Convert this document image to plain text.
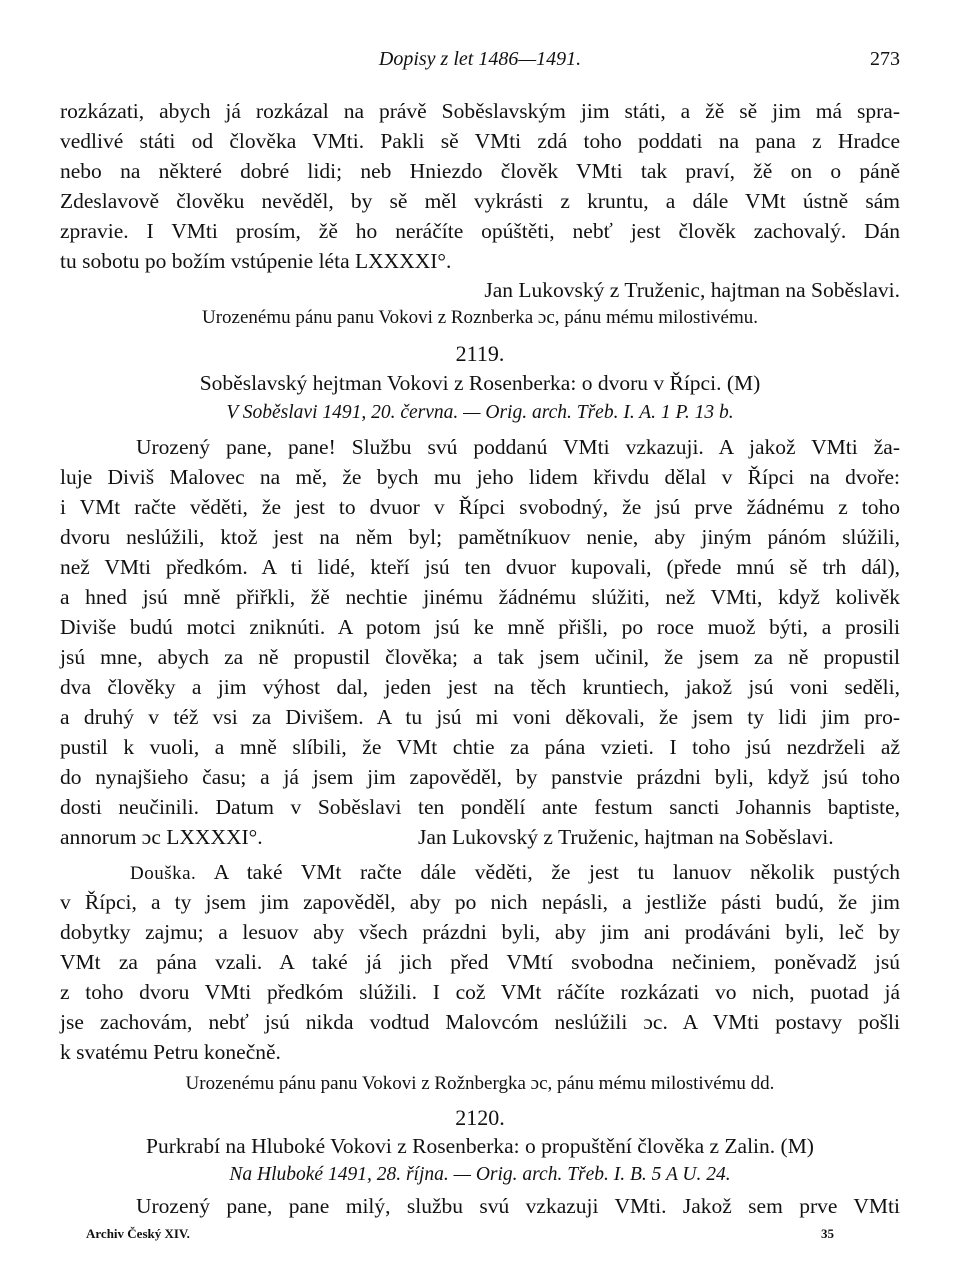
Dopisy z let 1486—1491.	273
rozkázati, abych já rozkázal na právě Soběslavským jim státi, a žě sě jim má spra-
vedlivé státi od člověka VMti. Pakli sě VMti zdá toho poddati na pana z Hradce
nebo na některé dobré lidi; neb Hniezdo člověk VMti tak praví, žě on o páně
Zdeslavově člověku nevěděl, by sě měl vykrásti z kruntu, a dále VMt ústně sám
zpravie. I VMti prosím, žě ho neráčíte opúštěti, nebť jest člověk zachovalý. Dán
tu sobotu po božím vstúpenie léta LXXXXI°.
Jan Lukovský z Truženic, hajtman na Soběslavi.
Urozenému pánu panu Vokovi z Roznberka ɔc, pánu mému milostivému.
2119.
Soběslavský hejtman Vokovi z Rosenberka: o dvoru v Řípci. (M)
V Soběslavi 1491, 20. června. — Orig. arch. Třeb. I. A. 1 P. 13 b.
Urozený pane, pane! Službu svú poddanú VMti vzkazuji. A jakož VMti ža-
luje Diviš Malovec na mě, že bych mu jeho lidem křivdu dělal v Řípci na dvoře:
i VMt račte věděti, že jest to dvuor v Řípci svobodný, že jsú prve žádnému z toho
dvoru neslúžili, ktož jest na něm byl; pamětníkuov nenie, aby jiným pánóm slúžili,
než VMti předkóm. A ti lidé, kteří jsú ten dvuor kupovali, (přede mnú sě trh dál),
a hned jsú mně přiřkli, žě nechtie jinému žádnému slúžiti, než VMti, když kolivěk
Diviše budú motci zniknúti. A potom jsú ke mně přišli, po roce muož býti, a prosili
jsú mne, abych za ně propustil člověka; a tak jsem učinil, že jsem za ně propustil
dva člověky a jim výhost dal, jeden jest na těch kruntiech, jakož jsú voni seděli,
a druhý v též vsi za Divišem. A tu jsú mi voni děkovali, že jsem ty lidi jim pro-
pustil k vuoli, a mně slíbili, že VMt chtie za pána vzieti. I toho jsú nezdrželi až
do nynajšieho času; a já jsem jim zapověděl, by panstvie prázdni byli, když jsú toho
dosti neučinili. Datum v Soběslavi ten pondělí ante festum sancti Johannis baptiste,
annorum ɔc LXXXXI°.	Jan Lukovský z Truženic, hajtman na Soběslavi.
Douška. A také VMt račte dále věděti, že jest tu lanuov několik pustých
v Řípci, a ty jsem jim zapověděl, aby po nich nepásli, a jestliže pásti budú, že jim
dobytky zajmu; a lesuov aby všech prázdni byli, aby jim ani prodáváni byli, leč by
VMt za pána vzali. A také já jich před VMtí svobodna nečiniem, poněvadž jsú
z toho dvoru VMti předkóm slúžili. I což VMt ráčíte rozkázati vo nich, puotad já
jse zachovám, nebť jsú nikda vodtud Malovcóm neslúžili ɔc. A VMti postavy pošli
k svatému Petru konečně.
Urozenému pánu panu Vokovi z Rožnbergka ɔc, pánu mému milostivému dd.
2120.
Purkrabí na Hluboké Vokovi z Rosenberka: o propuštění člověka z Zalin. (M)
Na Hluboké 1491, 28. října. — Orig. arch. Třeb. I. B. 5 A U. 24.
Urozený pane, pane milý, službu svú vzkazuji VMti. Jakož sem prve VMti
Archiv Český XIV.	35
